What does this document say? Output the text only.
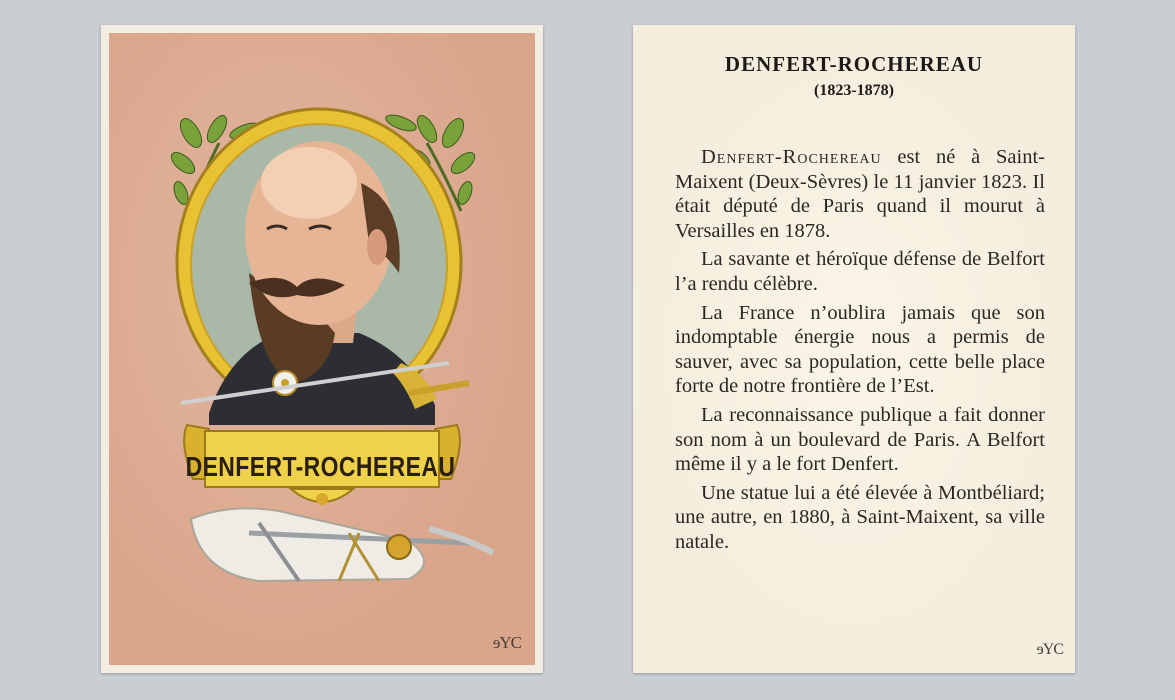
DENFERT-ROCHEREAU
ɘYC
DENFERT-ROCHEREAU
(1823-1878)

Denfert-Rochereau est né à Saint-Maixent (Deux-Sèvres) le 11 janvier 1823. Il était député de Paris quand il mourut à Versailles en 1878.

La savante et héroïque défense de Belfort l’a rendu célèbre.

La France n’oublira jamais que son indomptable énergie nous a permis de sauver, avec sa population, cette belle place forte de notre frontière de l’Est.

La reconnaissance publique a fait donner son nom à un boulevard de Paris. A Belfort même il y a le fort Denfert.

Une statue lui a été élevée à Montbéliard; une autre, en 1880, à Saint-Maixent, sa ville natale.

ɘYC
